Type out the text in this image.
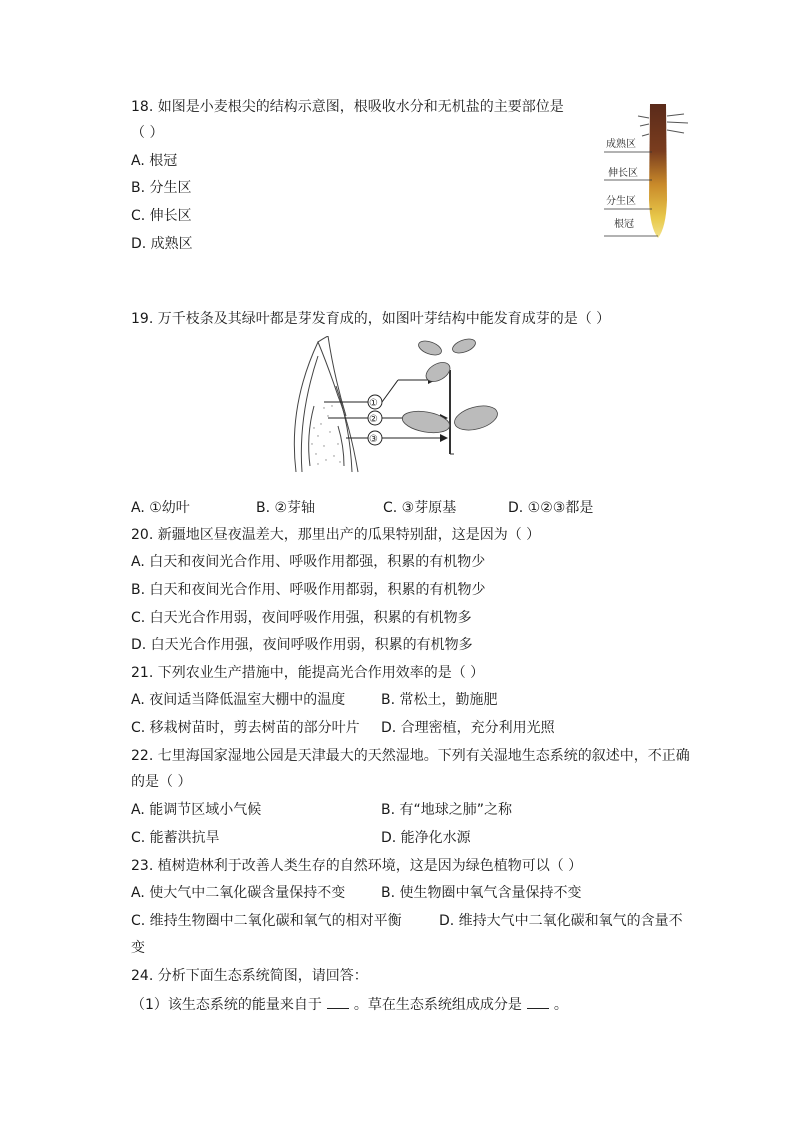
18. 如图是小麦根尖的结构示意图，根吸收水分和无机盐的主要部位是
（ ）
A. 根冠
B. 分生区
C. 伸长区
D. 成熟区
成熟区
伸长区
分生区
根冠
19. 万千枝条及其绿叶都是芽发育成的，如图叶芽结构中能发育成芽的是（ ）
①
②
③
A. ①幼叶	B. ②芽轴	C. ③芽原基	D. ①②③都是
20. 新疆地区昼夜温差大，那里出产的瓜果特别甜，这是因为（ ）
A. 白天和夜间光合作用、呼吸作用都强，积累的有机物少
B. 白天和夜间光合作用、呼吸作用都弱，积累的有机物少
C. 白天光合作用弱，夜间呼吸作用强，积累的有机物多
D. 白天光合作用强，夜间呼吸作用弱，积累的有机物多
21. 下列农业生产措施中，能提高光合作用效率的是（ ）
A. 夜间适当降低温室大棚中的温度	B. 常松土，勤施肥
C. 移栽树苗时，剪去树苗的部分叶片 D. 合理密植，充分利用光照
22. 七里海国家湿地公园是天津最大的天然湿地。下列有关湿地生态系统的叙述中，不正确
的是（ ）
A. 能调节区域小气候	B. 有“地球之肺”之称
C. 能蓄洪抗旱	D. 能净化水源
23. 植树造林利于改善人类生存的自然环境，这是因为绿色植物可以（ ）
A. 使大气中二氧化碳含量保持不变	B. 使生物圈中氧气含量保持不变
C. 维持生物圈中二氧化碳和氧气的相对平衡	D. 维持大气中二氧化碳和氧气的含量不
变
24. 分析下面生态系统简图，请回答：
（1）该生态系统的能量来自于 。草在生态系统组成成分是 。
